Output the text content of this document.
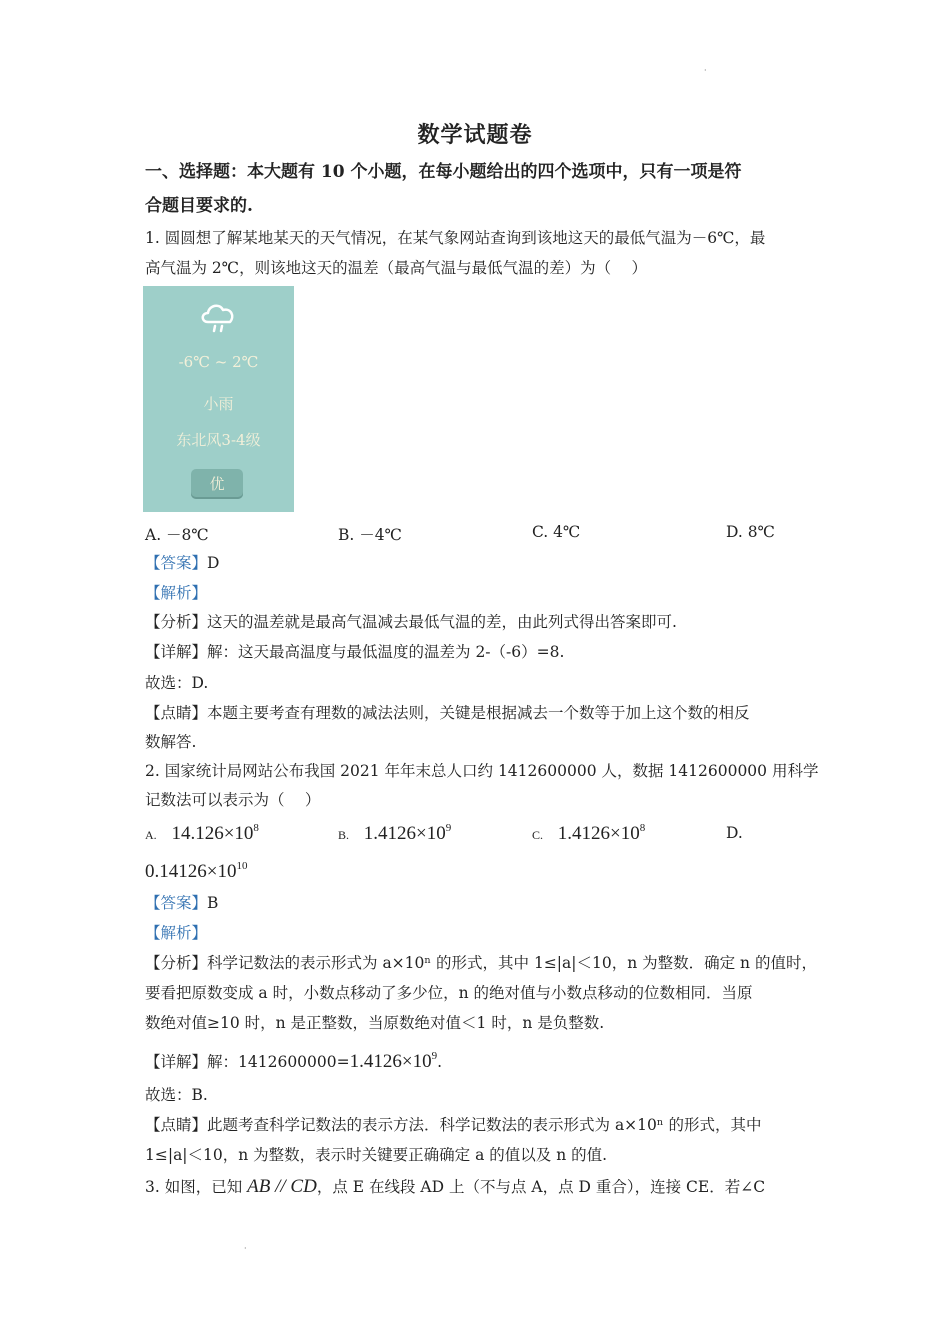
·
数学试题卷
一、选择题：本大题有 10 个小题，在每小题给出的四个选项中，只有一项是符
合题目要求的.
1. 圆圆想了解某地某天的天气情况，在某气象网站查询到该地这天的最低气温为－6℃，最
高气温为 2℃，则该地这天的温差（最高气温与最低气温的差）为（　 ）
-6℃ ~ 2℃
小雨
东北风3-4级
优
A. －8℃	B. －4℃	C. 4℃	D. 8℃
【答案】D
【解析】
【分析】这天的温差就是最高气温减去最低气温的差，由此列式得出答案即可.
【详解】解：这天最高温度与最低温度的温差为 2-（-6）=8.
故选：D.
【点睛】本题主要考查有理数的减法法则，关键是根据减去一个数等于加上这个数的相反
数解答.
2. 国家统计局网站公布我国 2021 年年末总人口约 1412600000 人，数据 1412600000 用科学
记数法可以表示为（　 ）
A. $14.126\times 10^8$	B. $1.4126\times 10^9$	C. $1.4126\times 10^8$	D.
$0.14126\times 10^{10}$
【答案】B
【解析】
【分析】科学记数法的表示形式为 a×10ⁿ 的形式，其中 1≤|a|＜10，n 为整数．确定 n 的值时，
要看把原数变成 a 时，小数点移动了多少位，n 的绝对值与小数点移动的位数相同．当原
数绝对值≥10 时，n 是正整数，当原数绝对值＜1 时，n 是负整数.
【详解】解：$1412600000=1.4126\times 10^9$.
故选：B.
【点睛】此题考查科学记数法的表示方法．科学记数法的表示形式为 a×10ⁿ 的形式，其中
1≤|a|＜10，n 为整数，表示时关键要正确确定 a 的值以及 n 的值.
3. 如图，已知 AB // CD，点 E 在线段 AD 上（不与点 A，点 D 重合），连接 CE．若∠C
·
